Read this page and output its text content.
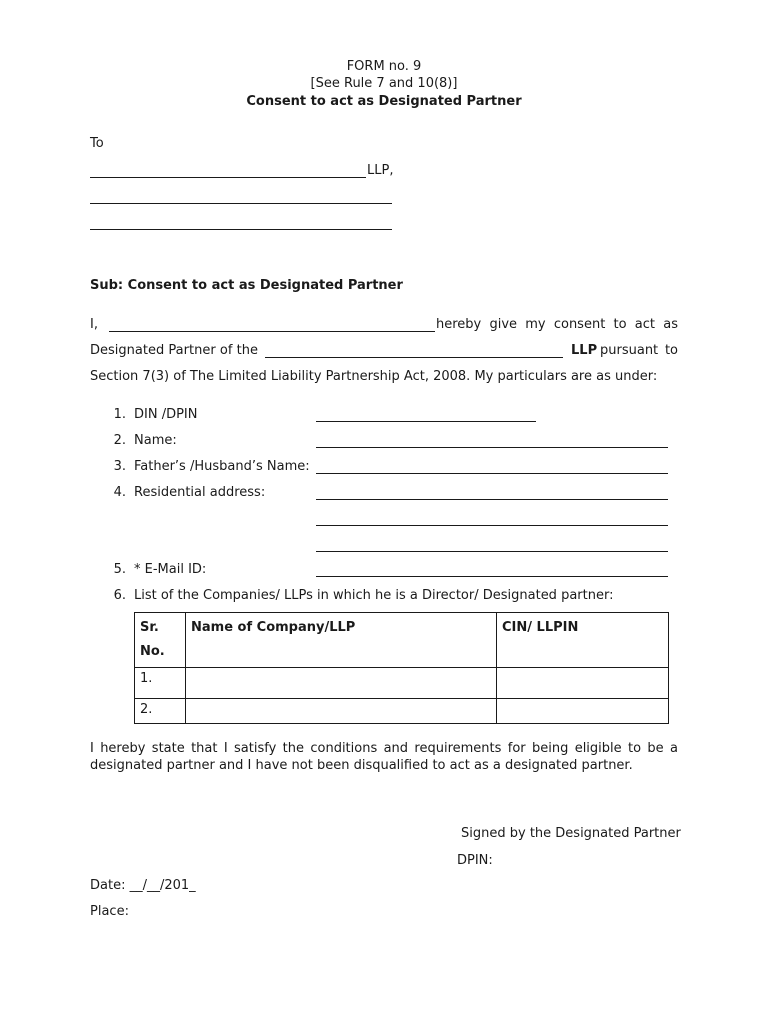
FORM no. 9
[See Rule 7 and 10(8)]
Consent to act as Designated Partner
To
LLP,
Sub: Consent to act as Designated Partner
I,	hereby give my consent to act as
Designated Partner of the	LLP pursuant to
Section 7(3) of The Limited Liability Partnership Act, 2008. My particulars are as under:
1. DIN /DPIN
2. Name:
3. Father’s /Husband’s Name:
4. Residential address:
5. * E-Mail ID:
6. List of the Companies/ LLPs in which he is a Director/ Designated partner:
Sr. No.	Name of Company/LLP	CIN/ LLPIN
1.		
2.		
I hereby state that I satisfy the conditions and requirements for being eligible to be a designated partner and I have not been disqualified to act as a designated partner.
Signed by the Designated Partner
DPIN:
Date: __/__/201_
Place:
